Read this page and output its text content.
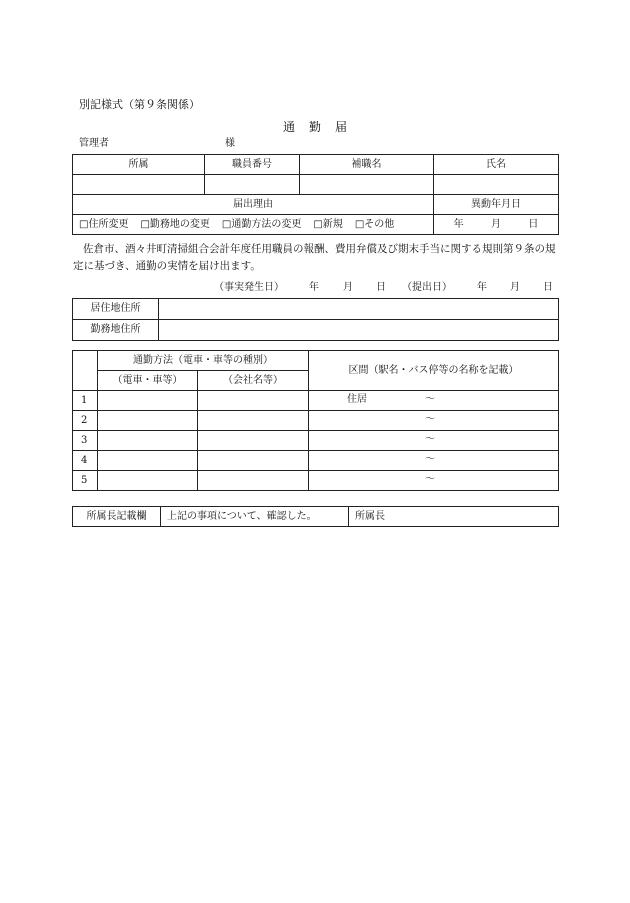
別記様式（第９条関係）
通　勤　届
管理者	様
所属	職員番号	補職名	氏名

届出理由			異動年月日

□住所変更 □勤務地の変更 □通勤方法の変更 □新規 □その他			年 月 日
佐倉市、酒々井町清掃組合会計年度任用職員の報酬、費用弁償及び期末手当に関する規則第９条の規定に基づき、通勤の実情を届け出ます。
（事実発生日）	年 月 日 （提出日）	年 月 日
居住地住所	
勤務地住所	
	通勤方法（電車・車等の種別）		区間（駅名・バス停等の名称を記載）
	（電車・車等）	（会社名等）	
1			住居 ～

2			～

3			～

4			～

5			～
所属長記載欄	上記の事項について、確認した。	所属長
